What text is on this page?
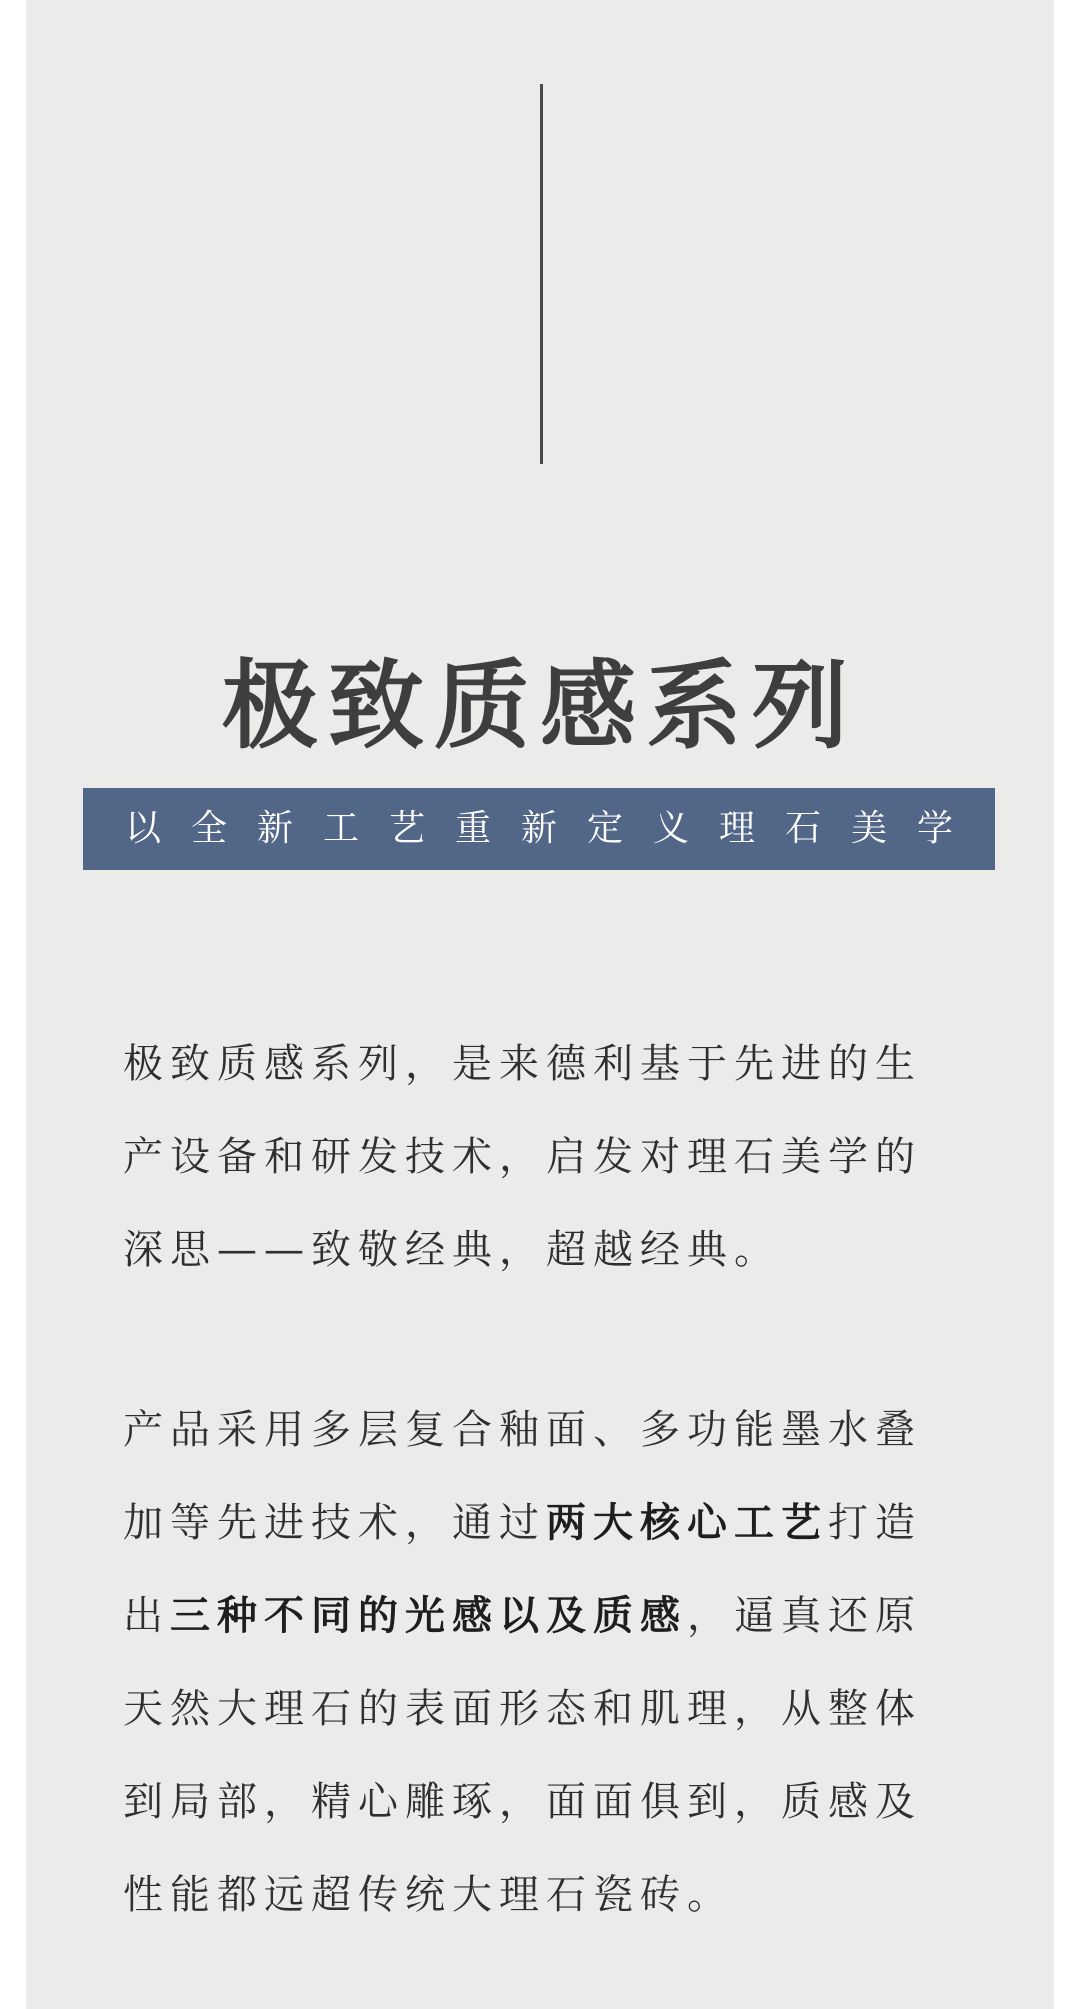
极致质感系列
以全新工艺重新定义理石美学
极致质感系列，是来德利基于先进的生产设备和研发技术，启发对理石美学的深思——致敬经典，超越经典。
产品采用多层复合釉面、多功能墨水叠加等先进技术，通过两大核心工艺打造出三种不同的光感以及质感，逼真还原天然大理石的表面形态和肌理，从整体到局部，精心雕琢，面面俱到，质感及性能都远超传统大理石瓷砖。
